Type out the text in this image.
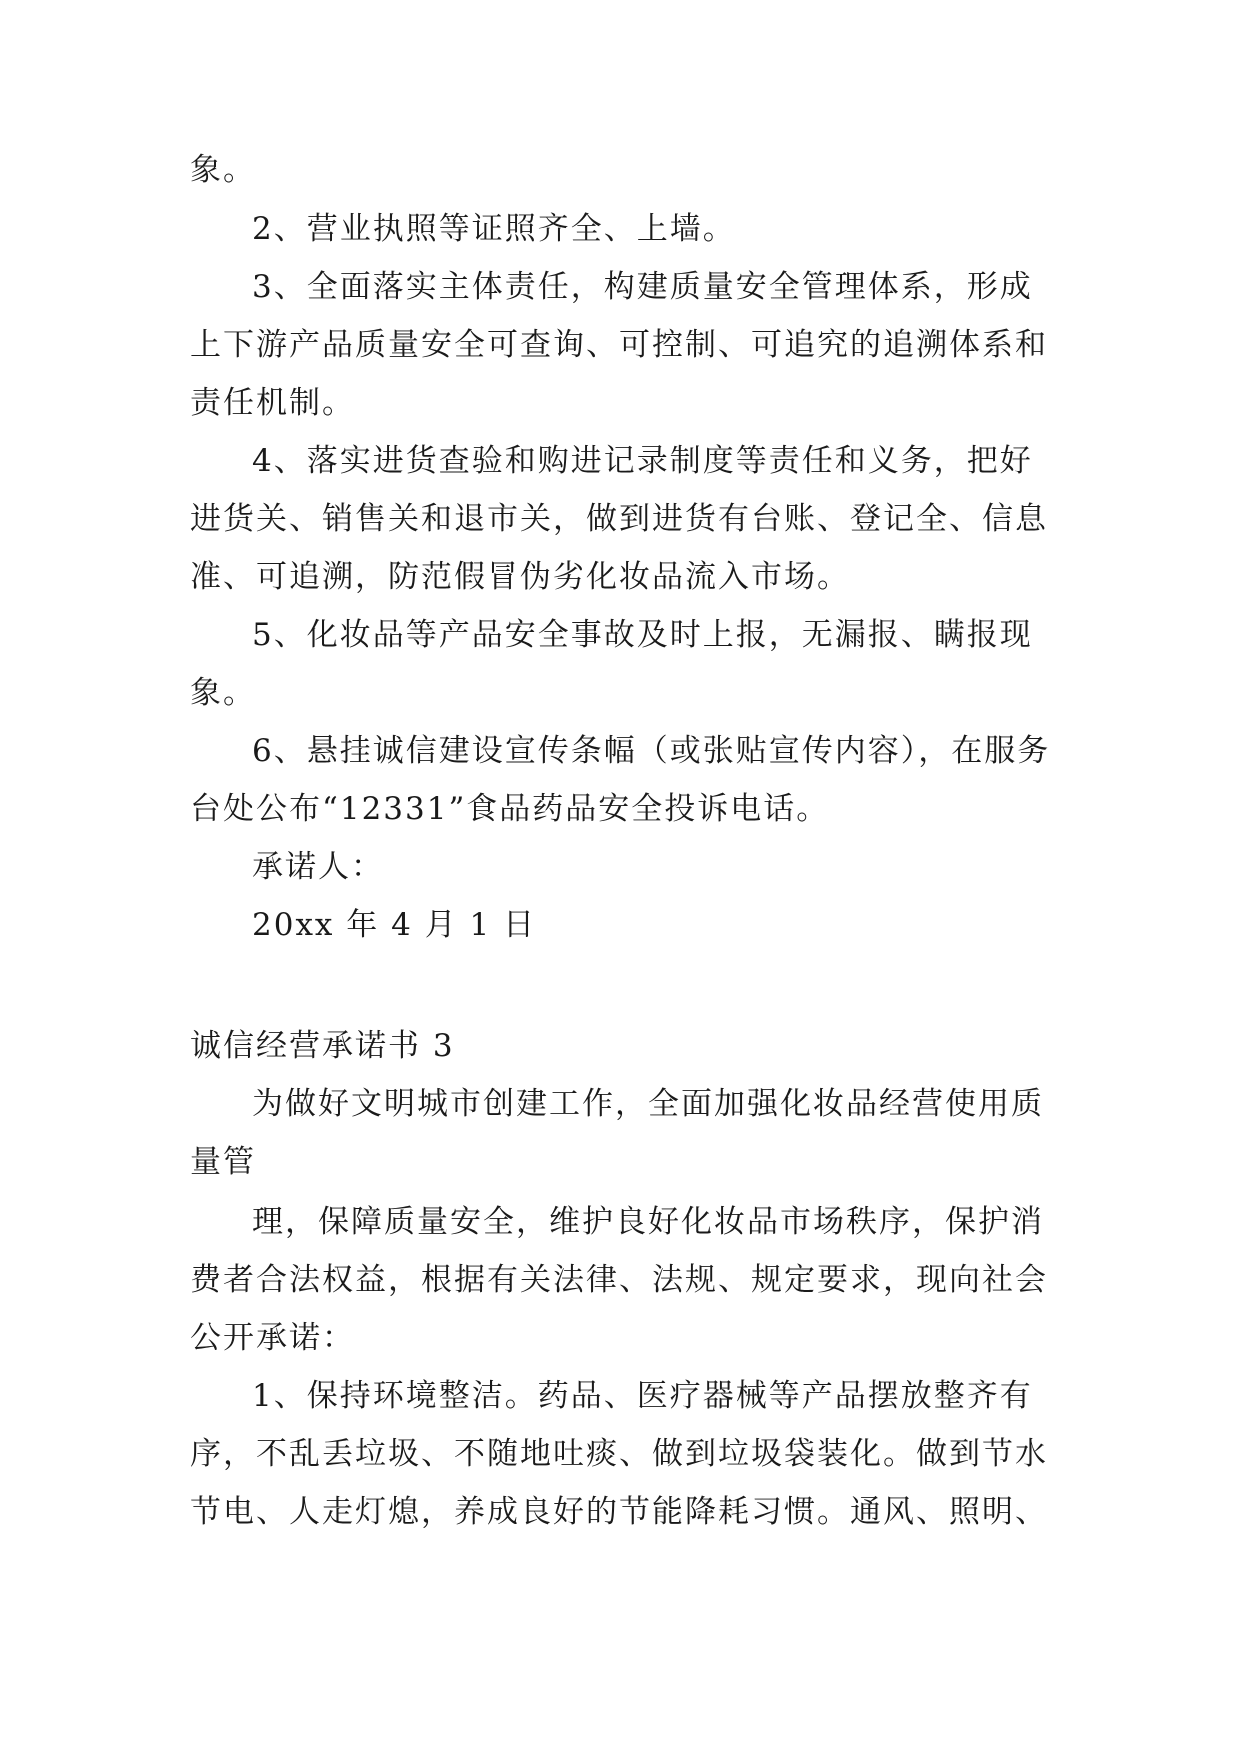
象。
2、营业执照等证照齐全、上墙。
3、全面落实主体责任，构建质量安全管理体系，形成
上下游产品质量安全可查询、可控制、可追究的追溯体系和
责任机制。
4、落实进货查验和购进记录制度等责任和义务，把好
进货关、销售关和退市关，做到进货有台账、登记全、信息
准、可追溯，防范假冒伪劣化妆品流入市场。
5、化妆品等产品安全事故及时上报，无漏报、瞒报现
象。
6、悬挂诚信建设宣传条幅（或张贴宣传内容），在服务
台处公布“12331”食品药品安全投诉电话。
承诺人：
20xx 年 4 月 1 日
诚信经营承诺书 3
为做好文明城市创建工作，全面加强化妆品经营使用质
量管
理，保障质量安全，维护良好化妆品市场秩序，保护消
费者合法权益，根据有关法律、法规、规定要求，现向社会
公开承诺：
1、保持环境整洁。药品、医疗器械等产品摆放整齐有
序，不乱丢垃圾、不随地吐痰、做到垃圾袋装化。做到节水
节电、人走灯熄，养成良好的节能降耗习惯。通风、照明、
